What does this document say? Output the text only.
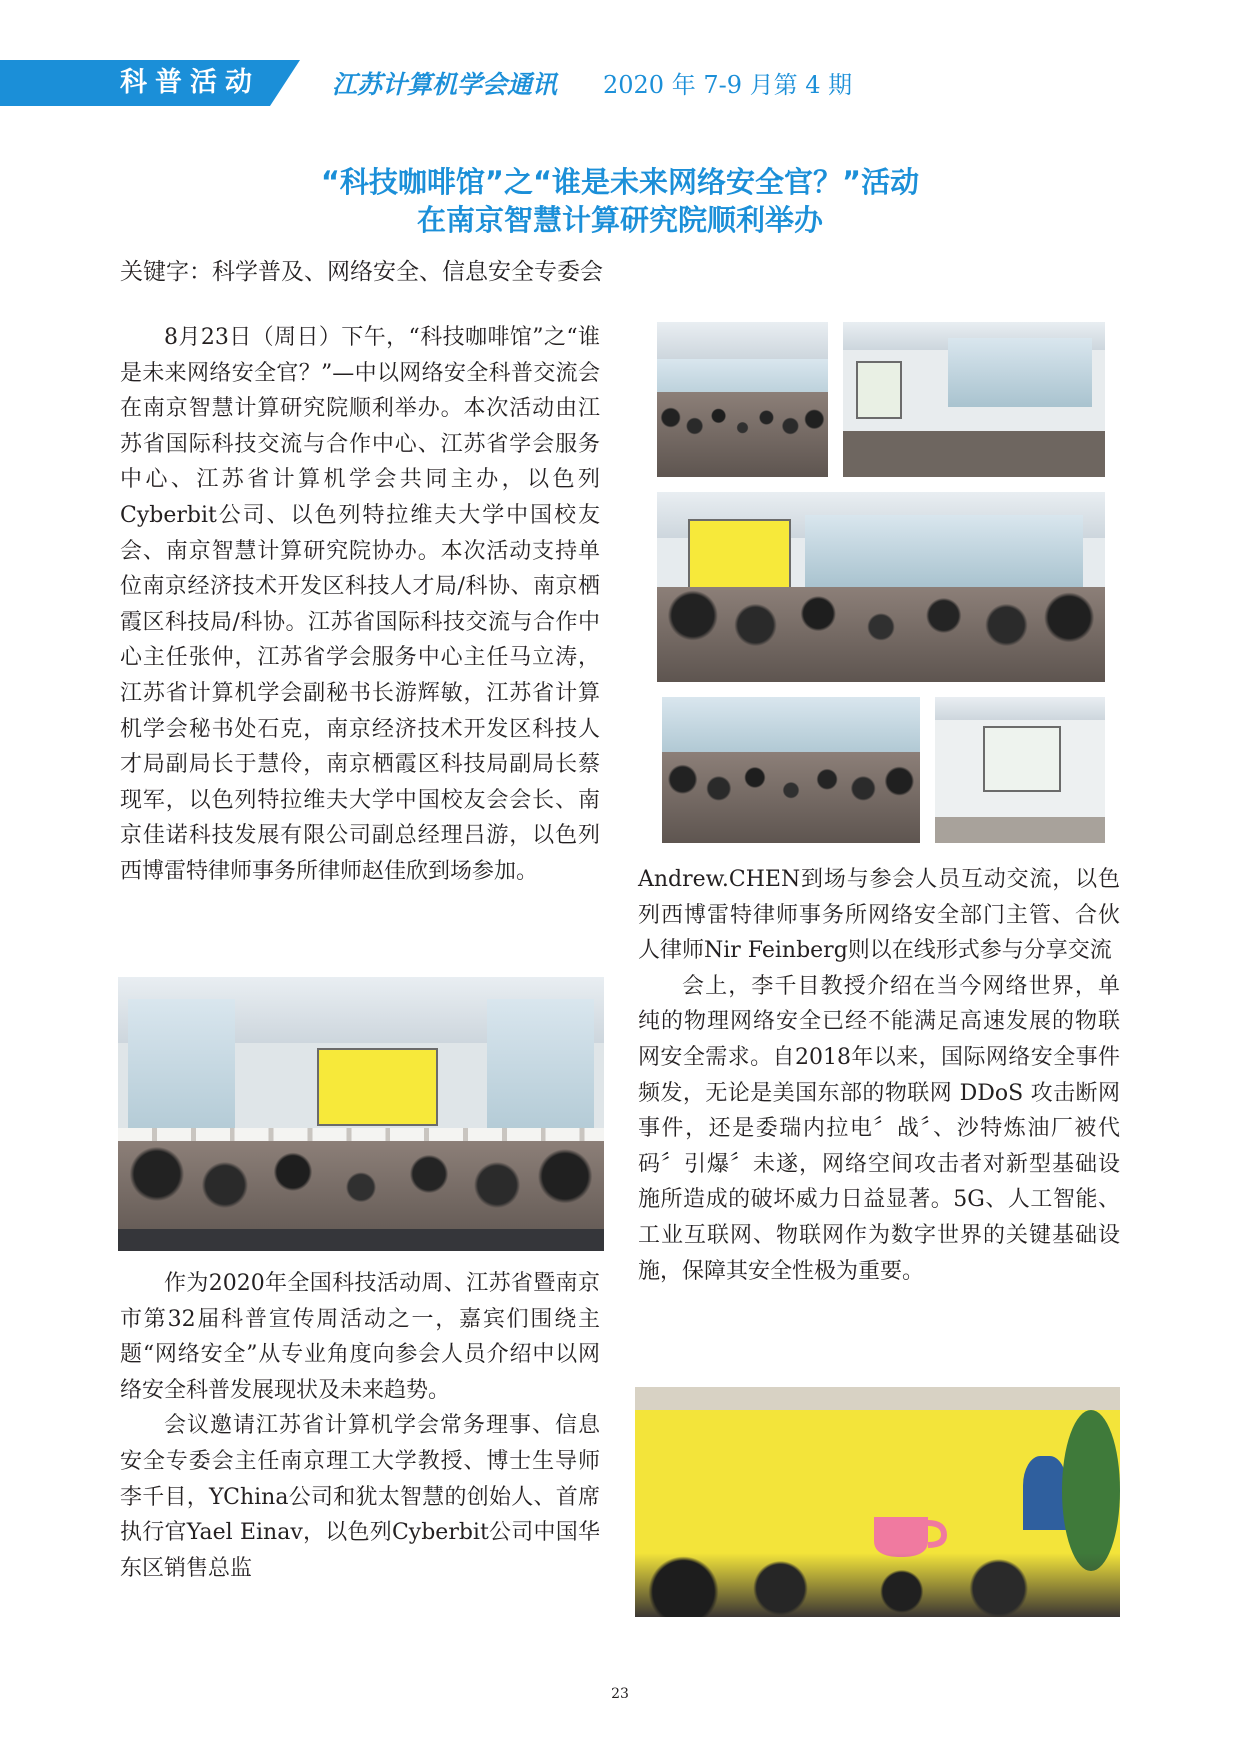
科普活动	江苏计算机学会通讯 2020 年 7-9 月第 4 期
“科技咖啡馆”之“谁是未来网络安全官？”活动
在南京智慧计算研究院顺利举办
关键字：科学普及、网络安全、信息安全专委会

8月23日（周日）下午，“科技咖啡馆”之“谁是未来网络安全官？”—中以网络安全科普交流会在南京智慧计算研究院顺利举办。本次活动由江苏省国际科技交流与合作中心、江苏省学会服务中心、江苏省计算机学会共同主办，以色列Cyberbit公司、以色列特拉维夫大学中国校友会、南京智慧计算研究院协办。本次活动支持单位南京经济技术开发区科技人才局/科协、南京栖霞区科技局/科协。江苏省国际科技交流与合作中心主任张仲，江苏省学会服务中心主任马立涛，江苏省计算机学会副秘书长游辉敏，江苏省计算机学会秘书处石克，南京经济技术开发区科技人才局副局长于慧伶，南京栖霞区科技局副局长蔡现军，以色列特拉维夫大学中国校友会会长、南京佳诺科技发展有限公司副总经理吕游，以色列西博雷特律师事务所律师赵佳欣到场参加。

作为2020年全国科技活动周、江苏省暨南京市第32届科普宣传周活动之一，嘉宾们围绕主题“网络安全”从专业角度向参会人员介绍中以网络安全科普发展现状及未来趋势。

会议邀请江苏省计算机学会常务理事、信息安全专委会主任南京理工大学教授、博士生导师李千目，YChina公司和犹太智慧的创始人、首席执行官Yael Einav，以色列Cyberbit公司中国华东区销售总监

Andrew.CHEN到场与参会人员互动交流，以色列西博雷特律师事务所网络安全部门主管、合伙人律师Nir Feinberg则以在线形式参与分享交流

会上，李千目教授介绍在当今网络世界，单纯的物理网络安全已经不能满足高速发展的物联网安全需求。自2018年以来，国际网络安全事件频发，无论是美国东部的物联网 DDoS 攻击断网事件，还是委瑞内拉电〞战〞、沙特炼油厂被代码〞引爆〞未遂，网络空间攻击者对新型基础设施所造成的破坏威力日益显著。5G、人工智能、工业互联网、物联网作为数字世界的关键基础设施，保障其安全性极为重要。

23
